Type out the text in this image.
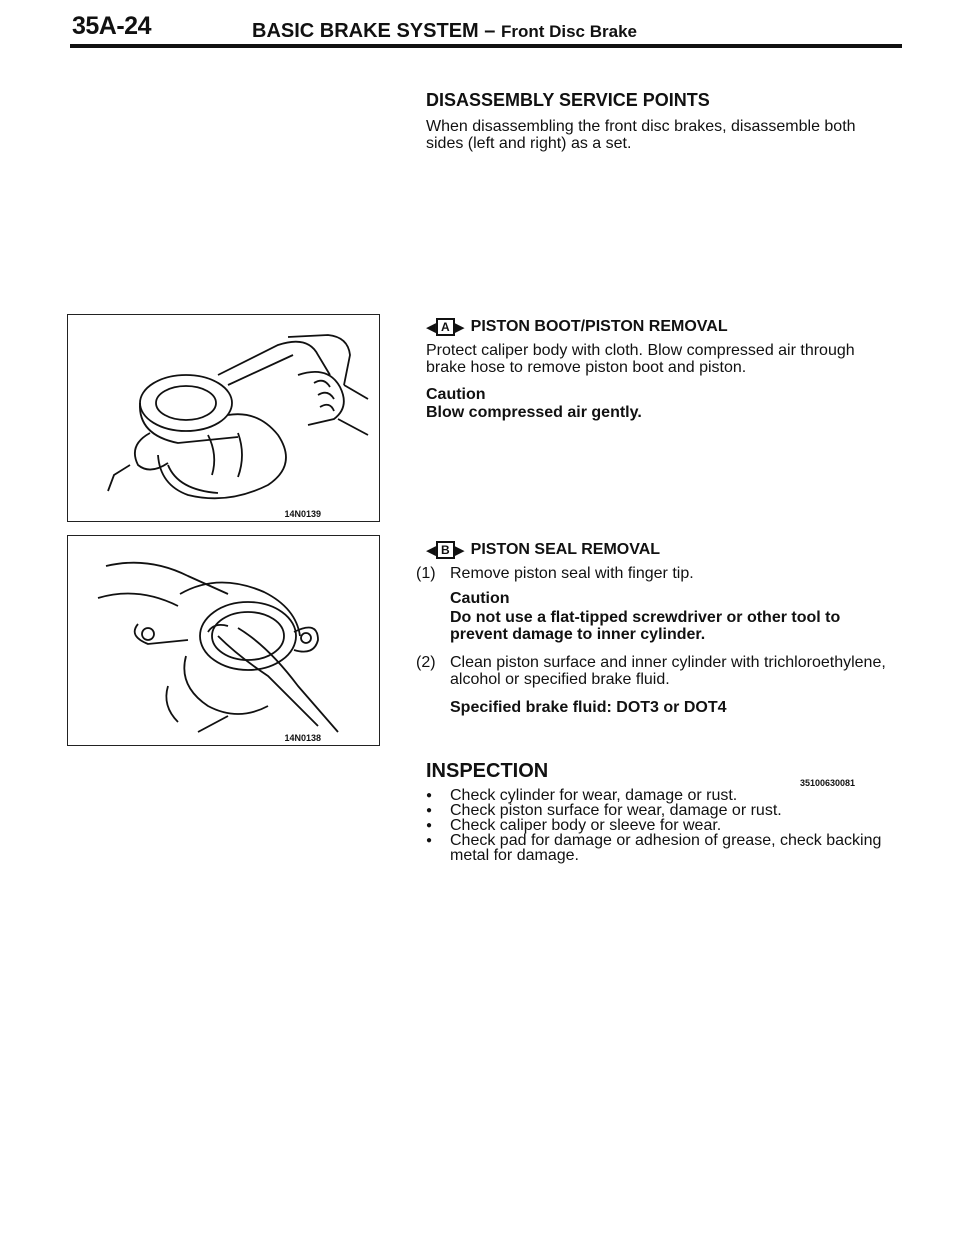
35A-24	BASIC BRAKE SYSTEM – Front Disc Brake
DISASSEMBLY SERVICE POINTS
When disassembling the front disc brakes, disassemble both sides (left and right) as a set.
14N0139
14N0138
◀ A ▶ PISTON BOOT/PISTON REMOVAL
Protect caliper body with cloth. Blow compressed air through brake hose to remove piston boot and piston.
Caution
Blow compressed air gently.
◀ B ▶ PISTON SEAL REMOVAL
(1) Remove piston seal with finger tip.
Caution
Do not use a flat-tipped screwdriver or other tool to prevent damage to inner cylinder.
(2) Clean piston surface and inner cylinder with trichloroethylene, alcohol or specified brake fluid.
Specified brake fluid: DOT3 or DOT4
INSPECTION
35100630081
● Check cylinder for wear, damage or rust.
● Check piston surface for wear, damage or rust.
● Check caliper body or sleeve for wear.
● Check pad for damage or adhesion of grease, check backing metal for damage.
